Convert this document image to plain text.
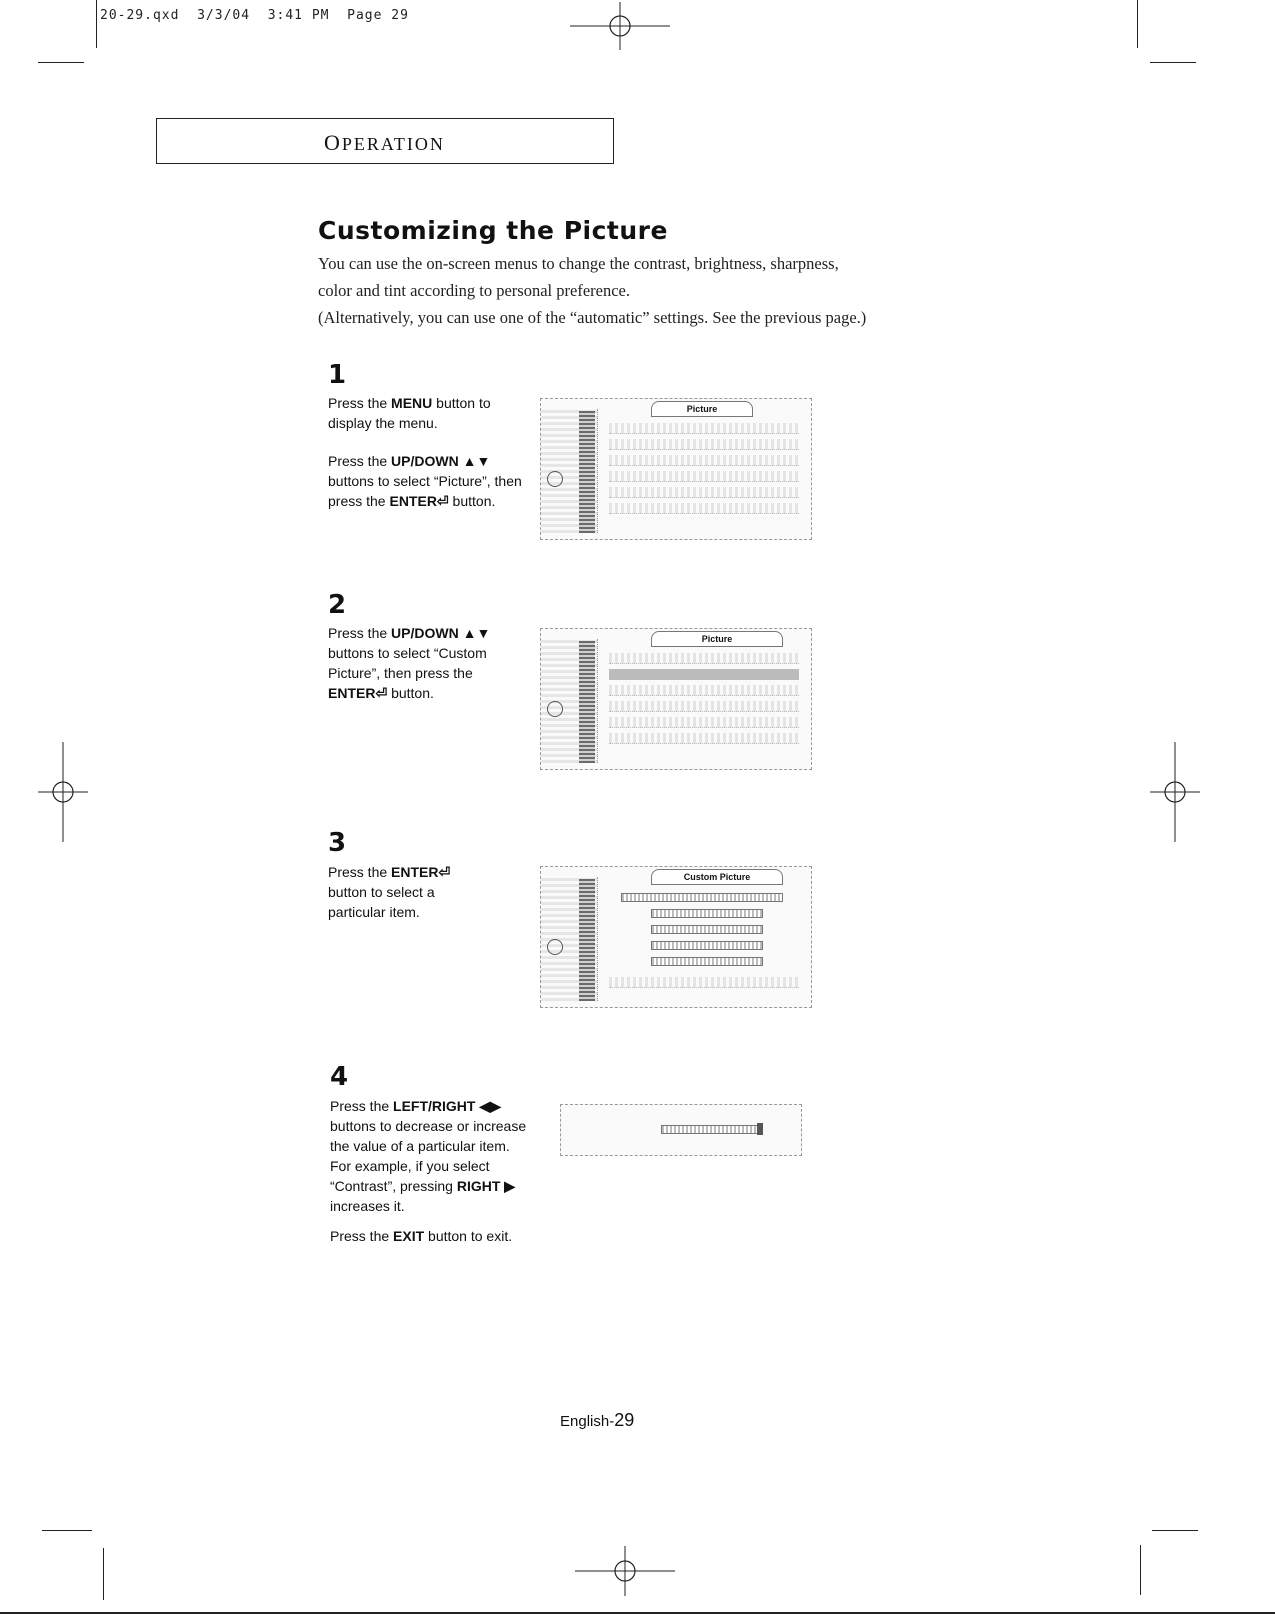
20-29.qxd  3/3/04  3:41 PM  Page 29
OPERATION
Customizing the Picture

You can use the on-screen menus to change the contrast, brightness, sharpness,

color and tint according to personal preference.

(Alternatively, you can use one of the “automatic” settings. See the previous page.)

1

Press the MENU button to display the menu.

Press the UP/DOWN ▲▼ buttons to select “Picture”, then press the ENTER⏎ button.

Picture
2

Press the UP/DOWN ▲▼ buttons to select “Custom Picture”, then press the ENTER⏎ button.

Picture
3

Press the ENTER⏎ button to select a particular item.

Custom Picture
4

Press the LEFT/RIGHT ◀▶ buttons to decrease or increase the value of a particular item.

For example, if you select “Contrast”, pressing RIGHT ▶ increases it.

Press the EXIT button to exit.

English-29
